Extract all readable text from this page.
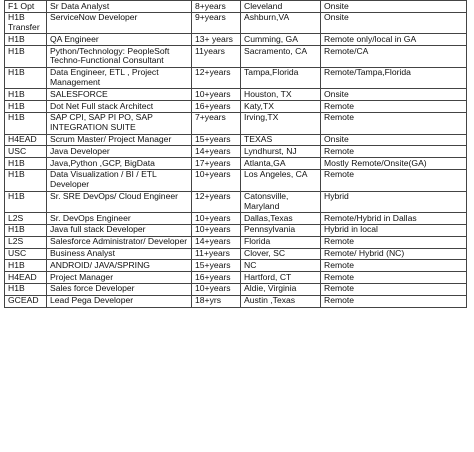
F1 Opt	Sr Data Analyst	8+years	Cleveland	Onsite
H1B Transfer	ServiceNow Developer	9+years	Ashburn,VA	Onsite
H1B	QA Engineer	13+ years	Cumming, GA	Remote only/local in GA
H1B	Python/Technology: PeopleSoft Techno-Functional Consultant	11years	Sacramento, CA	Remote/CA
H1B	Data Engineer, ETL , Project Management	12+years	Tampa,Florida	Remote/Tampa,Florida
H1B	SALESFORCE	10+years	Houston, TX	Onsite
H1B	Dot Net Full stack Architect	16+years	Katy,TX	Remote
H1B	SAP CPI, SAP PI PO, SAP INTEGRATION SUITE	7+years	Irving,TX	Remote
H4EAD	Scrum Master/ Project Manager	15+years	TEXAS	Onsite
USC	Java Developer	14+years	Lyndhurst, NJ	Remote
H1B	Java,Python ,GCP, BigData	17+years	Atlanta,GA	Mostly Remote/Onsite(GA)
H1B	Data Visualization / BI / ETL Developer	10+years	Los Angeles, CA	Remote
H1B	Sr. SRE DevOps/ Cloud Engineer	12+years	Catonsville, Maryland	Hybrid
L2S	Sr. DevOps Engineer	10+years	Dallas,Texas	Remote/Hybrid in Dallas
H1B	Java full stack Developer	10+years	Pennsylvania	Hybrid in local
L2S	Salesforce Administrator/ Developer	14+years	Florida	Remote
USC	Business Analyst	11+years	Clover, SC	Remote/ Hybrid (NC)
H1B	ANDROID/ JAVA/SPRING	15+years	NC	Remote
H4EAD	Project Manager	16+years	Hartford, CT	Remote
H1B	Sales force Developer	10+years	Aldie, Virginia	Remote
GCEAD	Lead Pega Developer	18+yrs	Austin ,Texas	Remote
